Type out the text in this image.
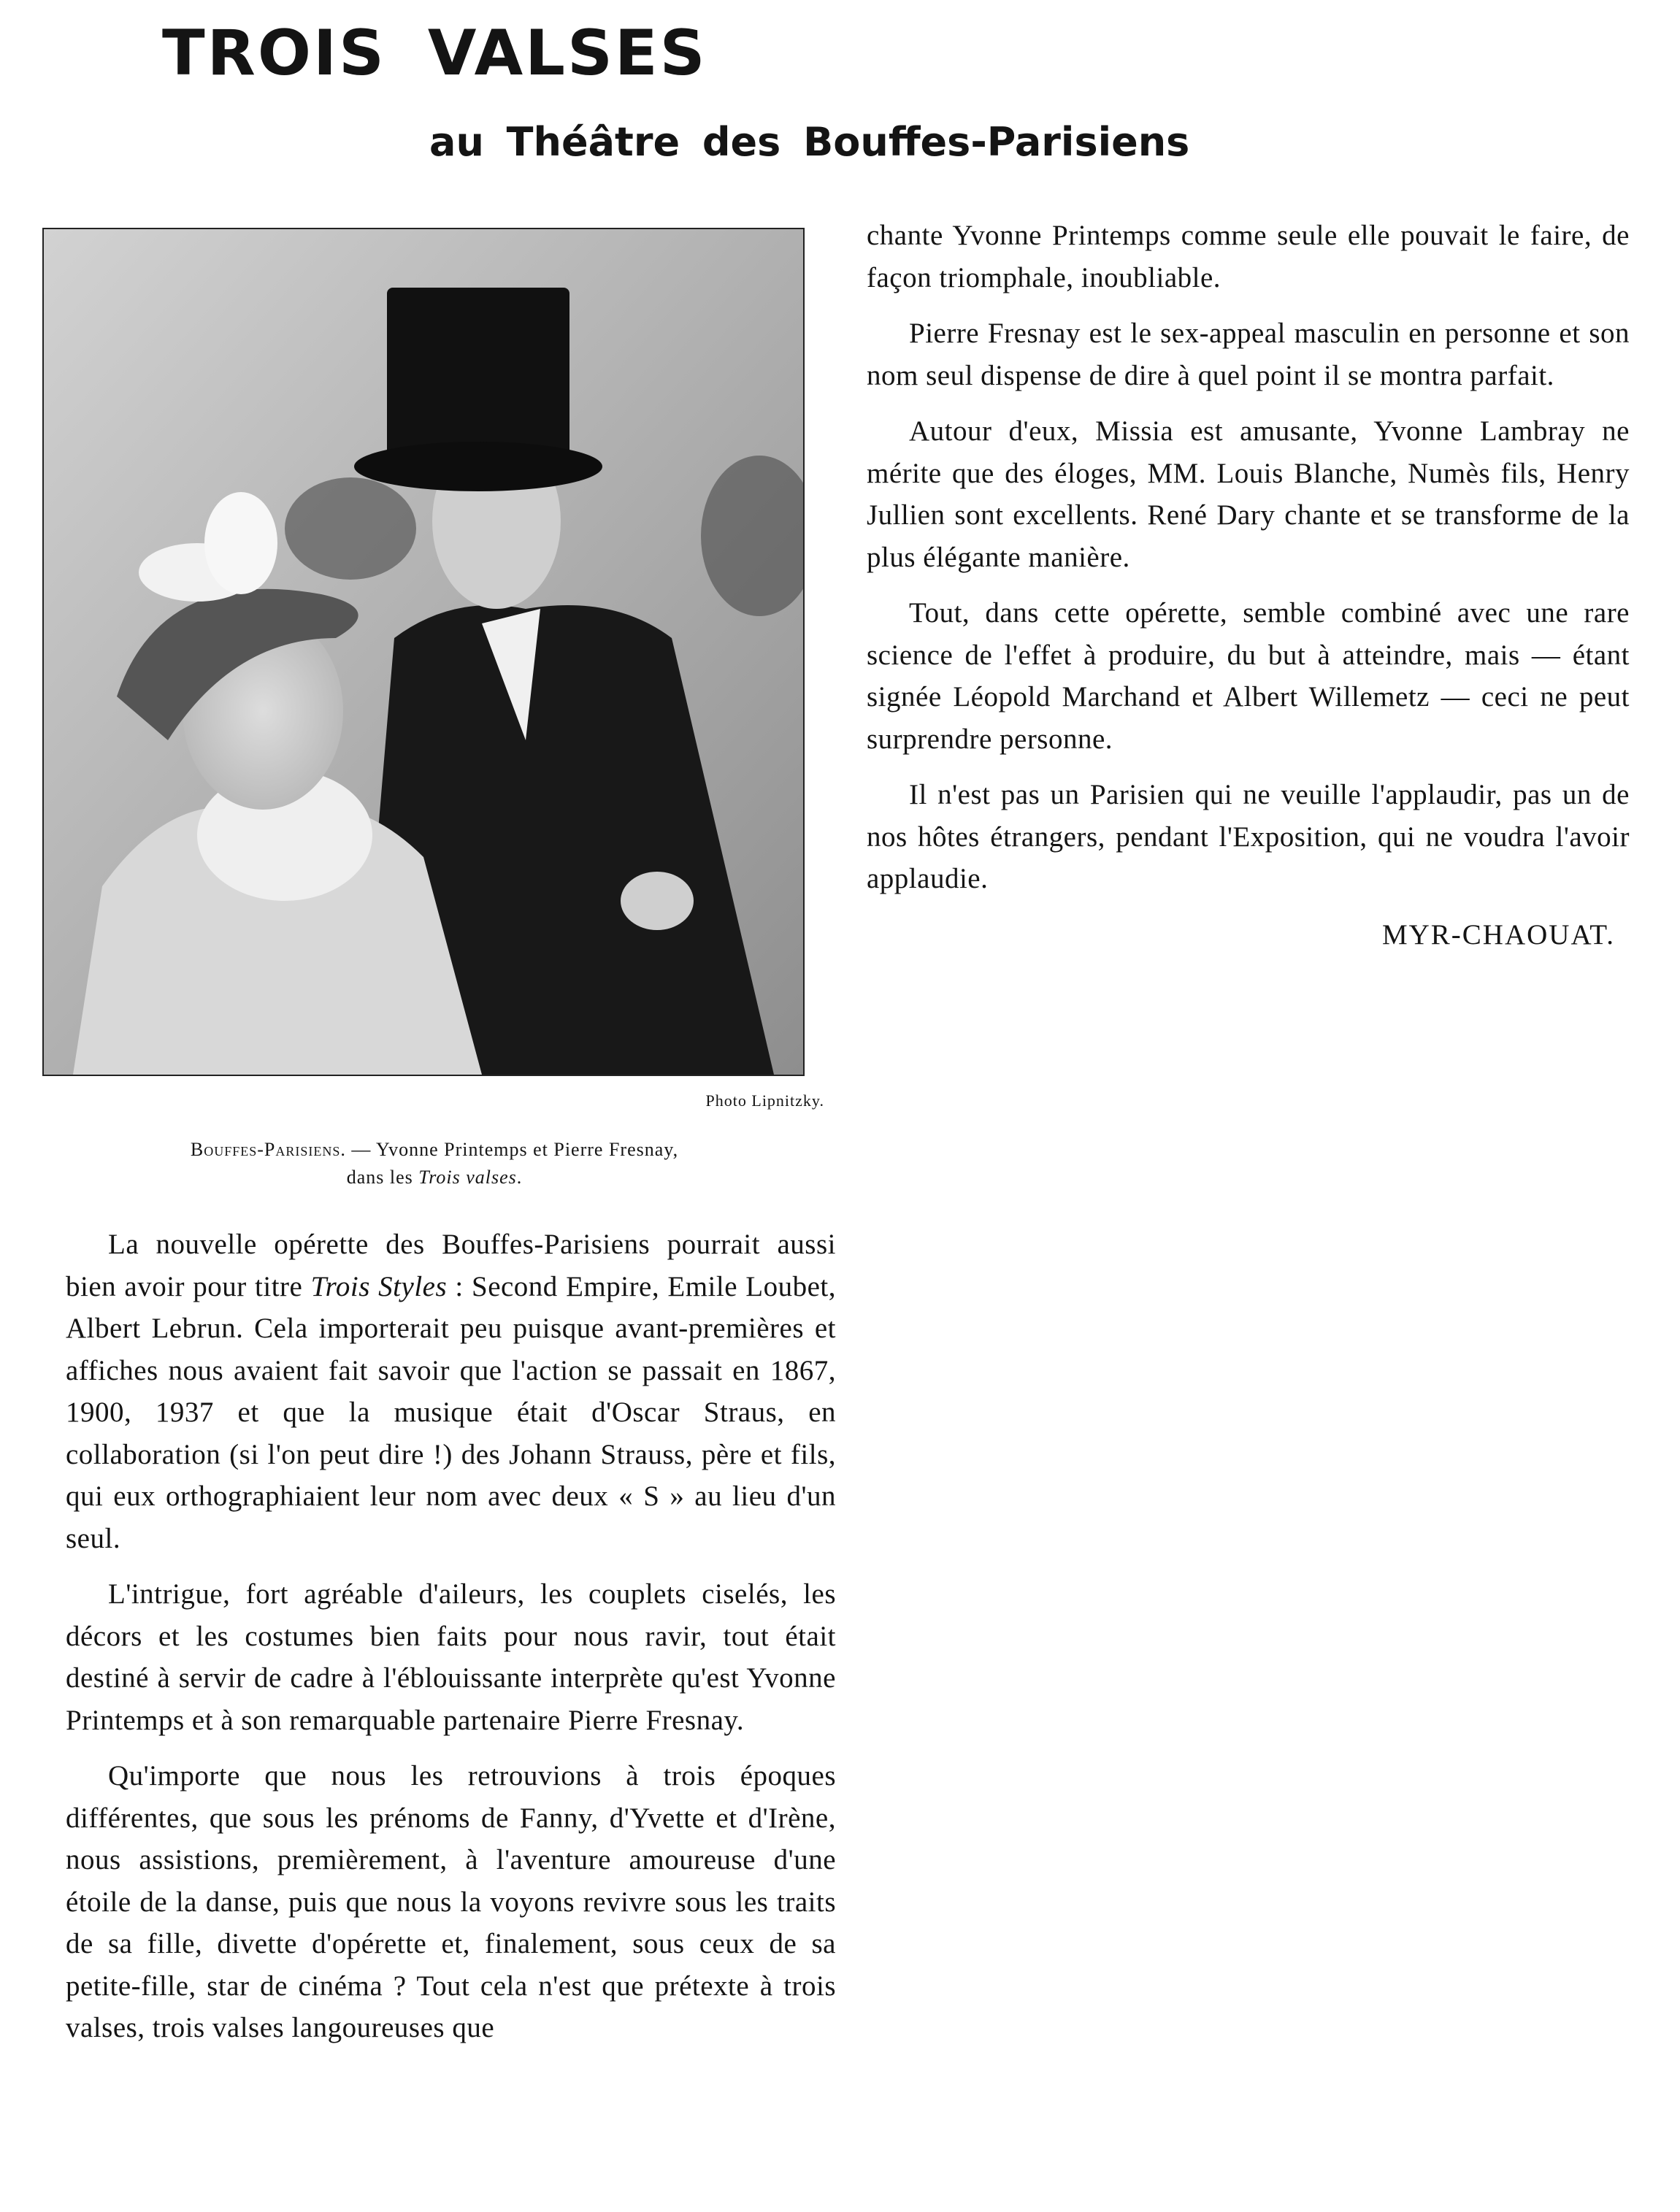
TROIS VALSES
au Théâtre des Bouffes-Parisiens
Photo Lipnitzky.
Bouffes-Parisiens. — Yvonne Printemps et Pierre Fresnay,
dans les Trois valses.

chante Yvonne Printemps comme seule elle pouvait le faire, de façon triomphale, inoubliable.

Pierre Fresnay est le sex-appeal masculin en personne et son nom seul dispense de dire à quel point il se montra parfait.

Autour d'eux, Missia est amusante, Yvonne Lambray ne mérite que des éloges, MM. Louis Blanche, Numès fils, Henry Jullien sont excellents. René Dary chante et se transforme de la plus élégante manière.

Tout, dans cette opérette, semble combiné avec une rare science de l'effet à produire, du but à atteindre, mais — étant signée Léopold Marchand et Albert Willemetz — ceci ne peut surprendre personne.

Il n'est pas un Parisien qui ne veuille l'applaudir, pas un de nos hôtes étrangers, pendant l'Exposition, qui ne voudra l'avoir applaudie.

MYR-CHAOUAT.

La nouvelle opérette des Bouffes-Parisiens pourrait aussi bien avoir pour titre Trois Styles : Second Empire, Emile Loubet, Albert Lebrun. Cela importerait peu puisque avant-premières et affiches nous avaient fait savoir que l'action se passait en 1867, 1900, 1937 et que la musique était d'Oscar Straus, en collaboration (si l'on peut dire !) des Johann Strauss, père et fils, qui eux orthographiaient leur nom avec deux « S » au lieu d'un seul.

L'intrigue, fort agréable d'aileurs, les couplets ciselés, les décors et les costumes bien faits pour nous ravir, tout était destiné à servir de cadre à l'éblouissante interprète qu'est Yvonne Printemps et à son remarquable partenaire Pierre Fresnay.

Qu'importe que nous les retrouvions à trois époques différentes, que sous les prénoms de Fanny, d'Yvette et d'Irène, nous assistions, premièrement, à l'aventure amoureuse d'une étoile de la danse, puis que nous la voyons revivre sous les traits de sa fille, divette d'opérette et, finalement, sous ceux de sa petite-fille, star de cinéma ? Tout cela n'est que prétexte à trois valses, trois valses langoureuses que
